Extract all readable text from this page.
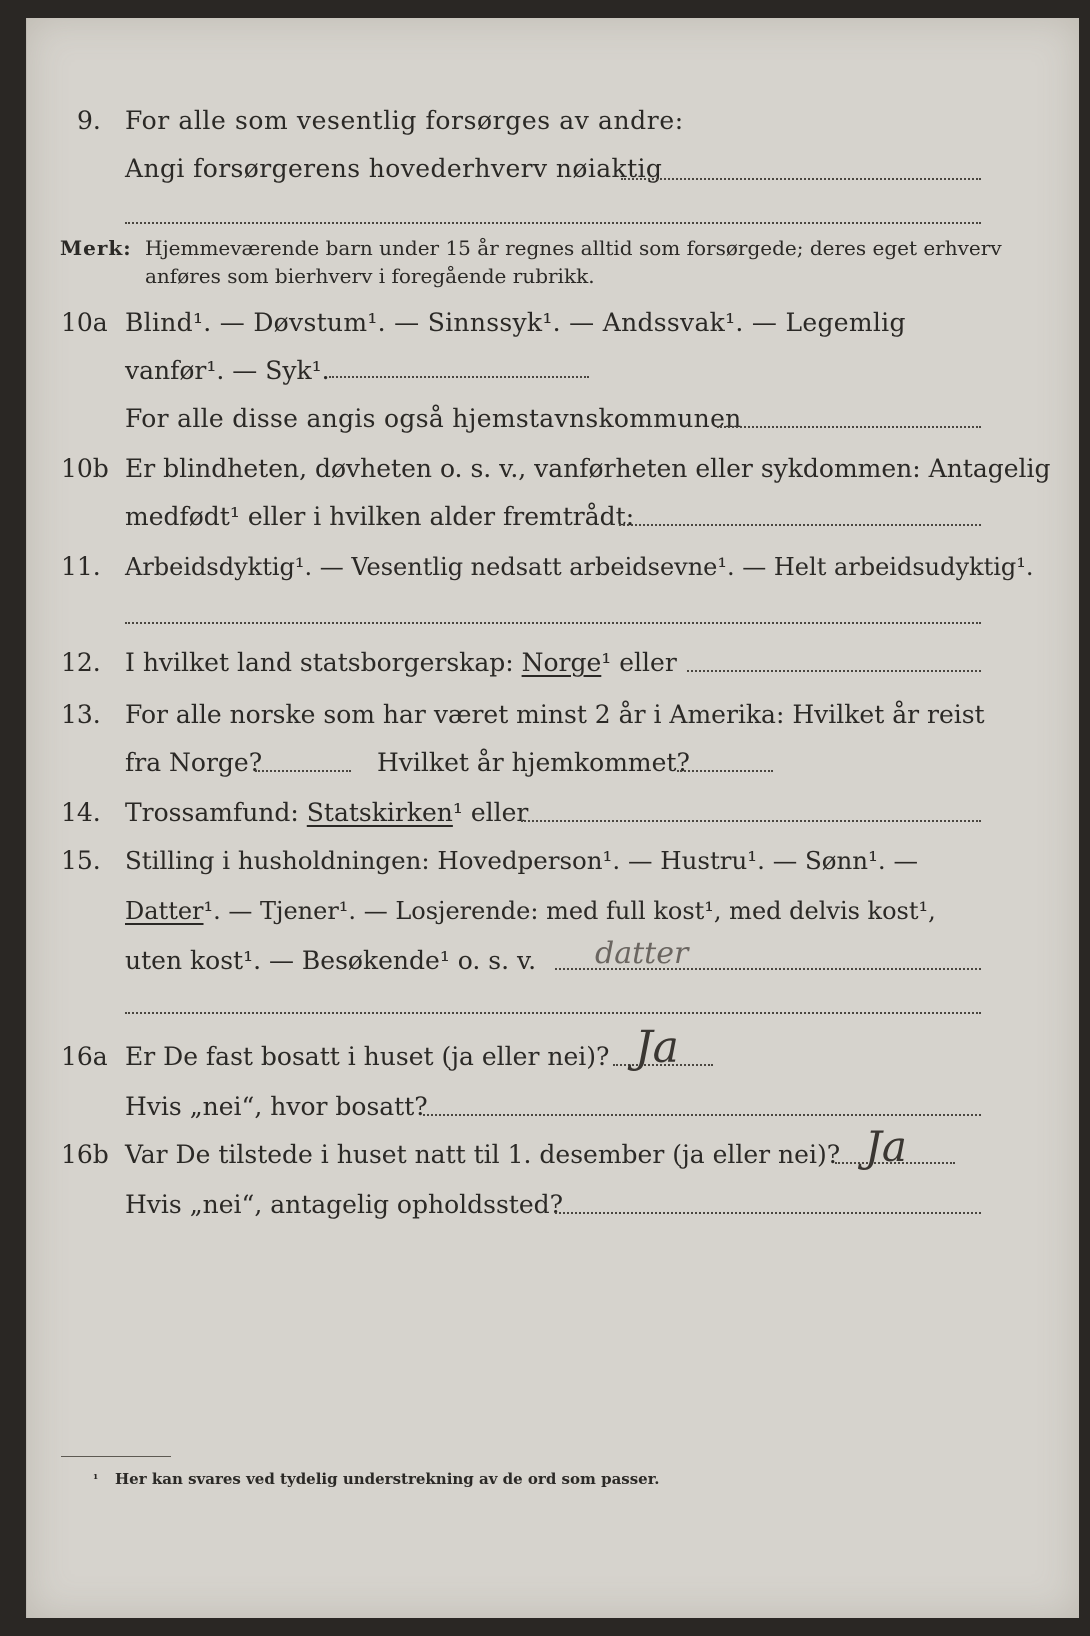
9. For alle som vesentlig forsørges av andre:
Angi forsørgerens hovederhverv nøiaktig
Merk: Hjemmeværende barn under 15 år regnes alltid som forsørgede; deres eget erhverv
anføres som bierhverv i foregående rubrikk.
10a Blind¹. — Døvstum¹. — Sinnssyk¹. — Andssvak¹. — Legemlig
vanfør¹. — Syk¹.
For alle disse angis også hjemstavnskommunen
10b Er blindheten, døvheten o. s. v., vanførheten eller sykdommen: Antagelig
medfødt¹ eller i hvilken alder fremtrådt:
11. Arbeidsdyktig¹. — Vesentlig nedsatt arbeidsevne¹. — Helt arbeidsudyktig¹.
12. I hvilket land statsborgerskap: Norge¹ eller
13. For alle norske som har været minst 2 år i Amerika: Hvilket år reist
fra Norge?	Hvilket år hjemkommet?
14. Trossamfund: Statskirken¹ eller
15. Stilling i husholdningen: Hovedperson¹. — Hustru¹. — Sønn¹. —
Datter¹. — Tjener¹. — Losjerende: med full kost¹, med delvis kost¹,
uten kost¹. — Besøkende¹ o. s. v. datter
16a Er De fast bosatt i huset (ja eller nei)? Ja
Hvis „nei“, hvor bosatt?
16b Var De tilstede i huset natt til 1. desember (ja eller nei)? Ja
Hvis „nei“, antagelig opholdssted?
¹ Her kan svares ved tydelig understrekning av de ord som passer.
